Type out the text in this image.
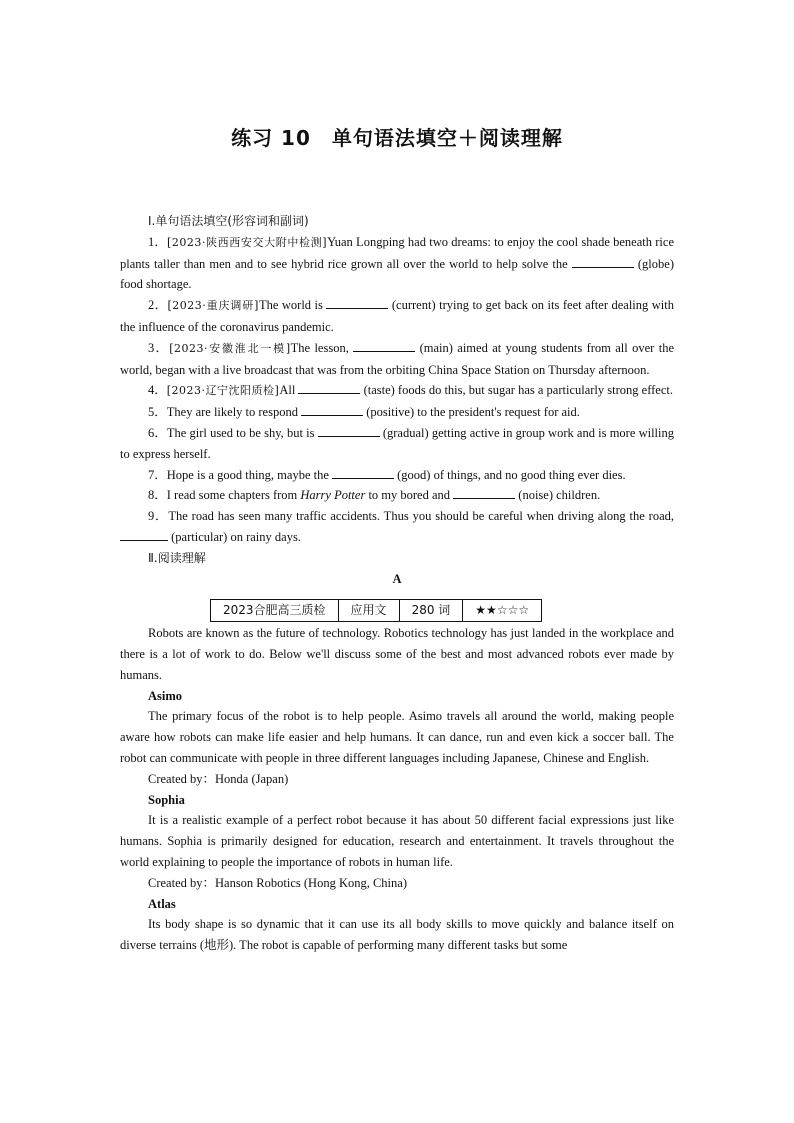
练习 10　单句语法填空＋阅读理解

Ⅰ.单句语法填空(形容词和副词)

1．[2023·陕西西安交大附中检测]Yuan Longping had two dreams: to enjoy the cool shade beneath rice plants taller than men and to see hybrid rice grown all over the world to help solve the	(globe) food shortage.

2．[2023·重庆调研]The world is	(current) trying to get back on its feet after dealing with the influence of the coronavirus pandemic.

3．[2023·安徽淮北一模]The lesson,	(main) aimed at young students from all over the world, began with a live broadcast that was from the orbiting China Space Station on Thursday afternoon.

4．[2023·辽宁沈阳质检]All	(taste) foods do this, but sugar has a particularly strong effect.

5．They are likely to respond	(positive) to the president's request for aid.

6．The girl used to be shy, but is	(gradual) getting active in group work and is more willing to express herself.

7．Hope is a good thing, maybe the	(good) of things, and no good thing ever dies.

8．I read some chapters from Harry Potter to my bored and	(noise) children.

9．The road has seen many traffic accidents. Thus you should be careful when driving along the road,  (particular) on rainy days.

Ⅱ.阅读理解

A

2023合肥高三质检	应用文	280 词	★★☆☆☆

Robots are known as the future of technology. Robotics technology has just landed in the workplace and there is a lot of work to do. Below we'll discuss some of the best and most advanced robots ever made by humans.

Asimo

The primary focus of the robot is to help people. Asimo travels all around the world, making people aware how robots can make life easier and help humans. It can dance, run and even kick a soccer ball. The robot can communicate with people in three different languages including Japanese, Chinese and English.

Created by：Honda (Japan)

Sophia

It is a realistic example of a perfect robot because it has about 50 different facial expressions just like humans. Sophia is primarily designed for education, research and entertainment. It travels throughout the world explaining to people the importance of robots in human life.

Created by：Hanson Robotics (Hong Kong, China)

Atlas

Its body shape is so dynamic that it can use its all body skills to move quickly and balance itself on diverse terrains (地形). The robot is capable of performing many different tasks but some
